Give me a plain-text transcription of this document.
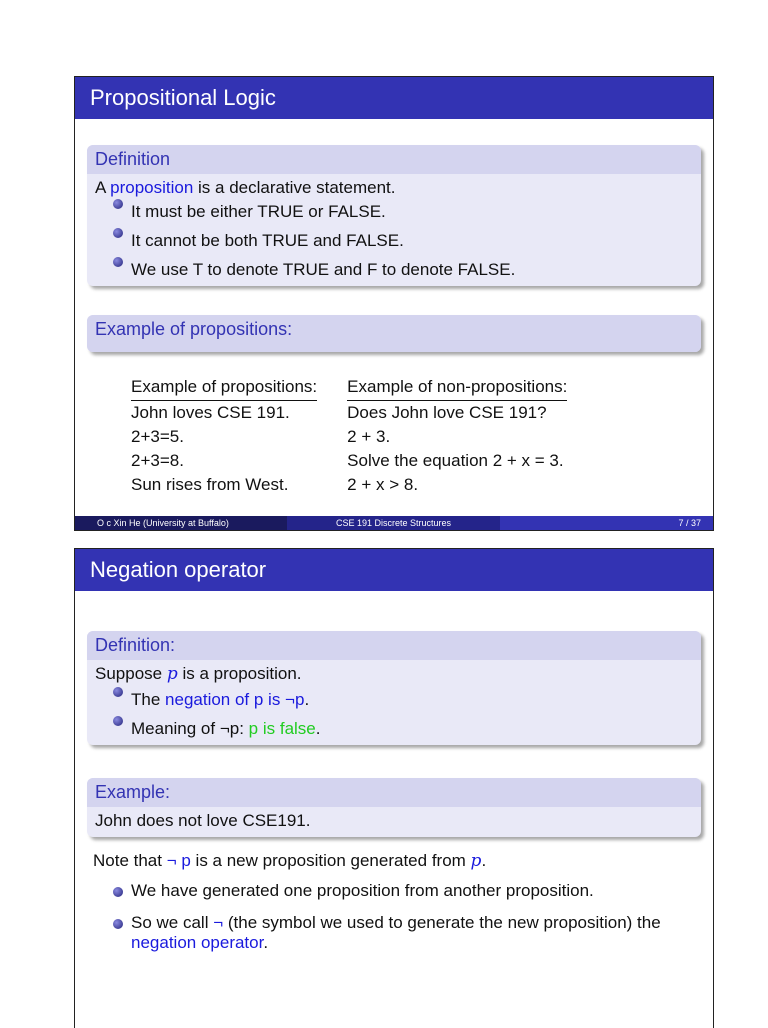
Propositional Logic
Definition
A proposition is a declarative statement.
It must be either TRUE or FALSE.
It cannot be both TRUE and FALSE.
We use T to denote TRUE and F to denote FALSE.
Example of propositions:
Example of propositions:		Example of non-propositions:
John loves CSE 191.		Does John love CSE 191?
2+3=5.		2 + 3.
2+3=8.		Solve the equation 2 + x = 3.
Sun rises from West.		2 + x > 8.
O c Xin He (University at Buffalo)	CSE 191 Discrete Structures	7 / 37
Negation operator
Definition:
Suppose p is a proposition.
The negation of p is ¬p.
Meaning of ¬p: p is false.
Example:
John does not love CSE191.
Note that ¬ p is a new proposition generated from p.
We have generated one proposition from another proposition.
So we call ¬ (the symbol we used to generate the new proposition) the negation operator.
